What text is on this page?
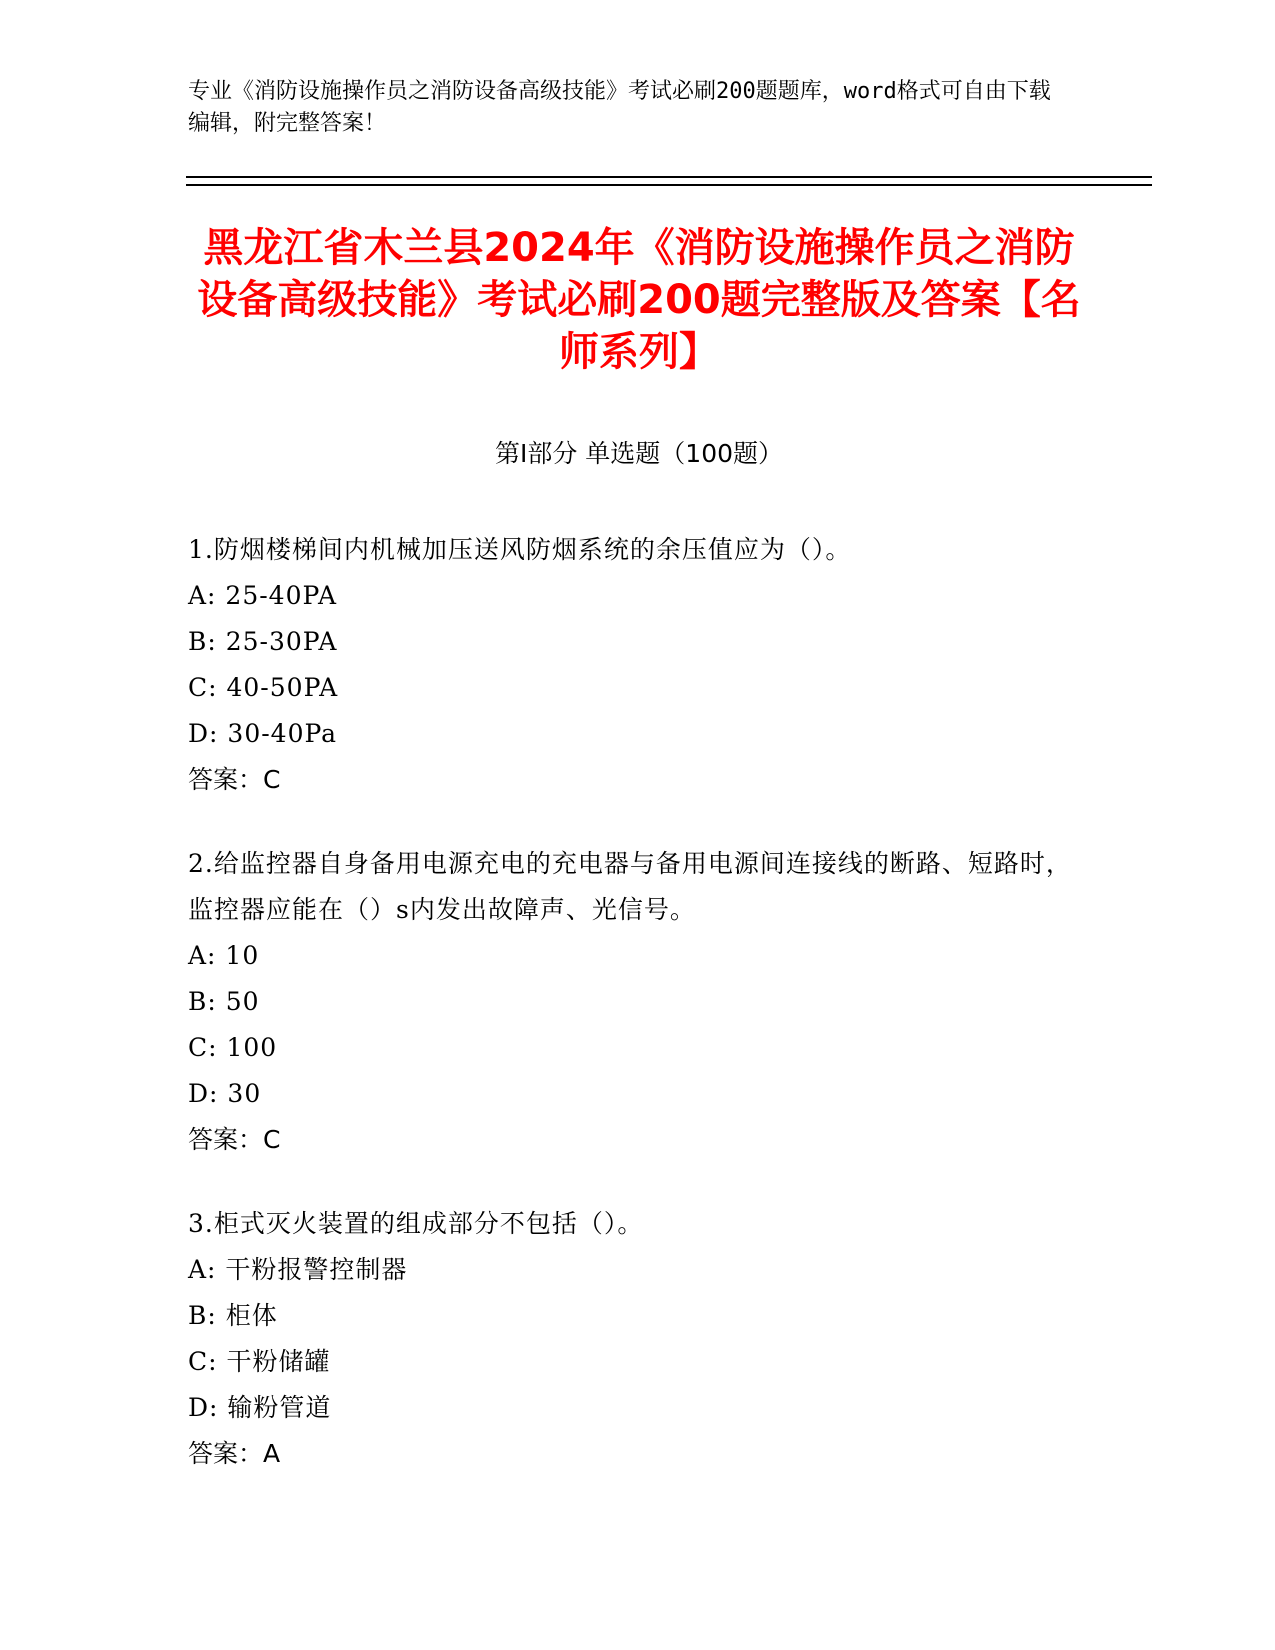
专业《消防设施操作员之消防设备高级技能》考试必刷200题题库，word格式可自由下载编辑，附完整答案！
黑龙江省木兰县2024年《消防设施操作员之消防设备高级技能》考试必刷200题完整版及答案【名师系列】
第Ⅰ部分 单选题（100题）
1.防烟楼梯间内机械加压送风防烟系统的余压值应为（）。
A: 25-40PA
B: 25-30PA
C: 40-50PA
D: 30-40Pa
答案：C
2.给监控器自身备用电源充电的充电器与备用电源间连接线的断路、短路时，监控器应能在（）s内发出故障声、光信号。
A: 10
B: 50
C: 100
D: 30
答案：C
3.柜式灭火装置的组成部分不包括（）。
A: 干粉报警控制器
B: 柜体
C: 干粉储罐
D: 输粉管道
答案：A
